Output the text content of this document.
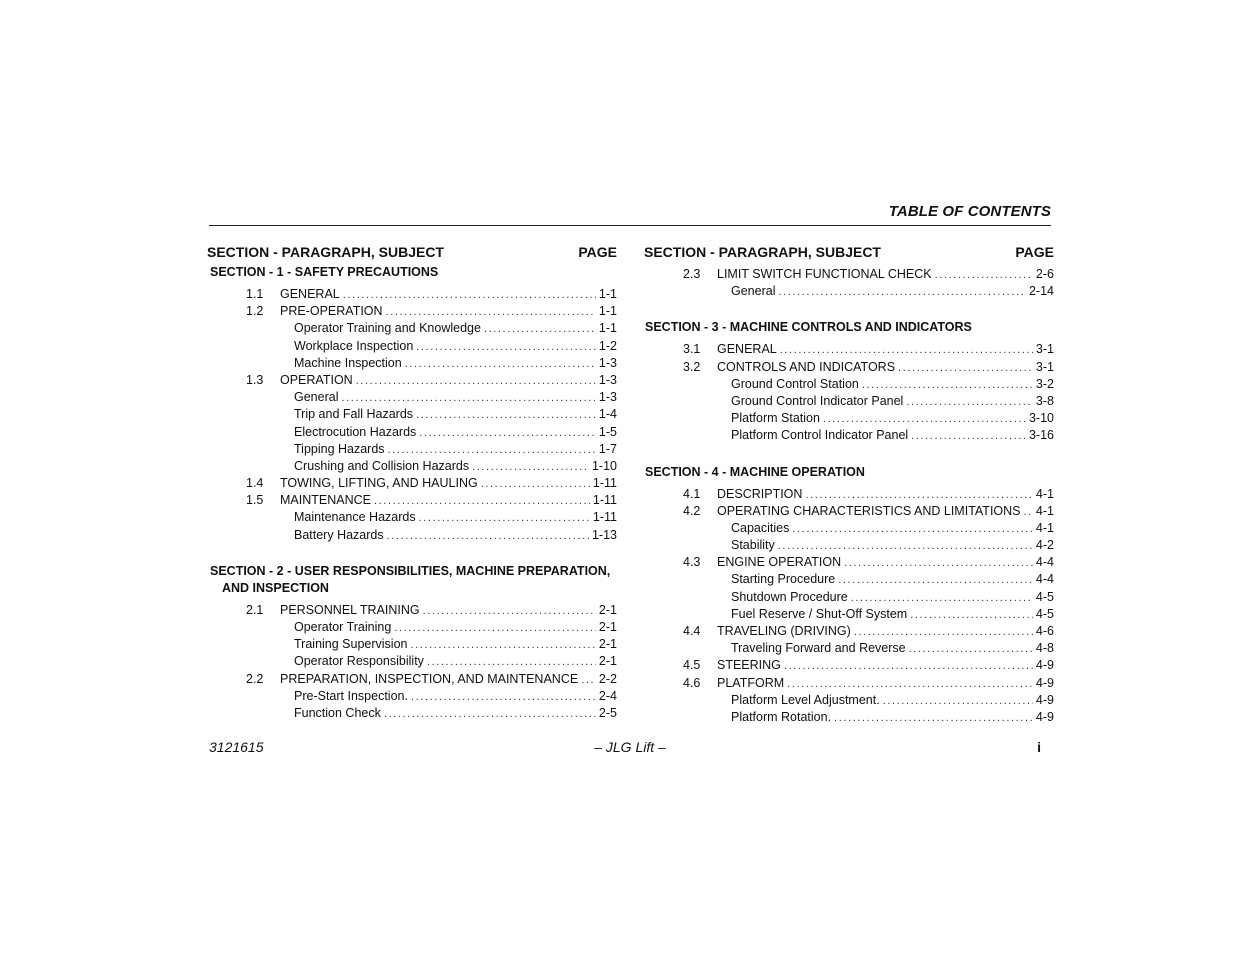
TABLE OF CONTENTS
SECTION - PARAGRAPH, SUBJECT	PAGE
SECTION - 1 - SAFETY PRECAUTIONS
1.1	GENERAL .....	1-1
1.2	PRE-OPERATION .....	1-1
Operator Training and Knowledge .....	1-1
Workplace Inspection .....	1-2
Machine Inspection .....	1-3
1.3	OPERATION .....	1-3
General .....	1-3
Trip and Fall Hazards .....	1-4
Electrocution Hazards .....	1-5
Tipping Hazards .....	1-7
Crushing and Collision Hazards .....	1-10
1.4	TOWING, LIFTING, AND HAULING .....	1-11
1.5	MAINTENANCE .....	1-11
Maintenance Hazards .....	1-11
Battery Hazards .....	1-13
SECTION - 2 - USER RESPONSIBILITIES, MACHINE PREPARATION,
AND INSPECTION
2.1	PERSONNEL TRAINING .....	2-1
Operator Training .....	2-1
Training Supervision .....	2-1
Operator Responsibility .....	2-1
2.2	PREPARATION, INSPECTION, AND MAINTENANCE ..... 2-2
Pre-Start Inspection. .....	2-4
Function Check .....	2-5
SECTION - PARAGRAPH, SUBJECT	PAGE
2.3	LIMIT SWITCH FUNCTIONAL CHECK .....	2-6
General .....	2-14
SECTION - 3 - MACHINE CONTROLS AND INDICATORS
3.1	GENERAL .....	3-1
3.2	CONTROLS AND INDICATORS .....	3-1
Ground Control Station .....	3-2
Ground Control Indicator Panel .....	3-8
Platform Station .....	3-10
Platform Control Indicator Panel .....	3-16
SECTION - 4 - MACHINE OPERATION
4.1	DESCRIPTION .....	4-1
4.2	OPERATING CHARACTERISTICS AND LIMITATIONS ..... 4-1
Capacities .....	4-1
Stability .....	4-2
4.3	ENGINE OPERATION .....	4-4
Starting Procedure .....	4-4
Shutdown Procedure .....	4-5
Fuel Reserve / Shut-Off System .....	4-5
4.4	TRAVELING (DRIVING) .....	4-6
Traveling Forward and Reverse .....	4-8
4.5	STEERING .....	4-9
4.6	PLATFORM .....	4-9
Platform Level Adjustment. .....	4-9
Platform Rotation. .....	4-9
3121615	– JLG Lift –	i
